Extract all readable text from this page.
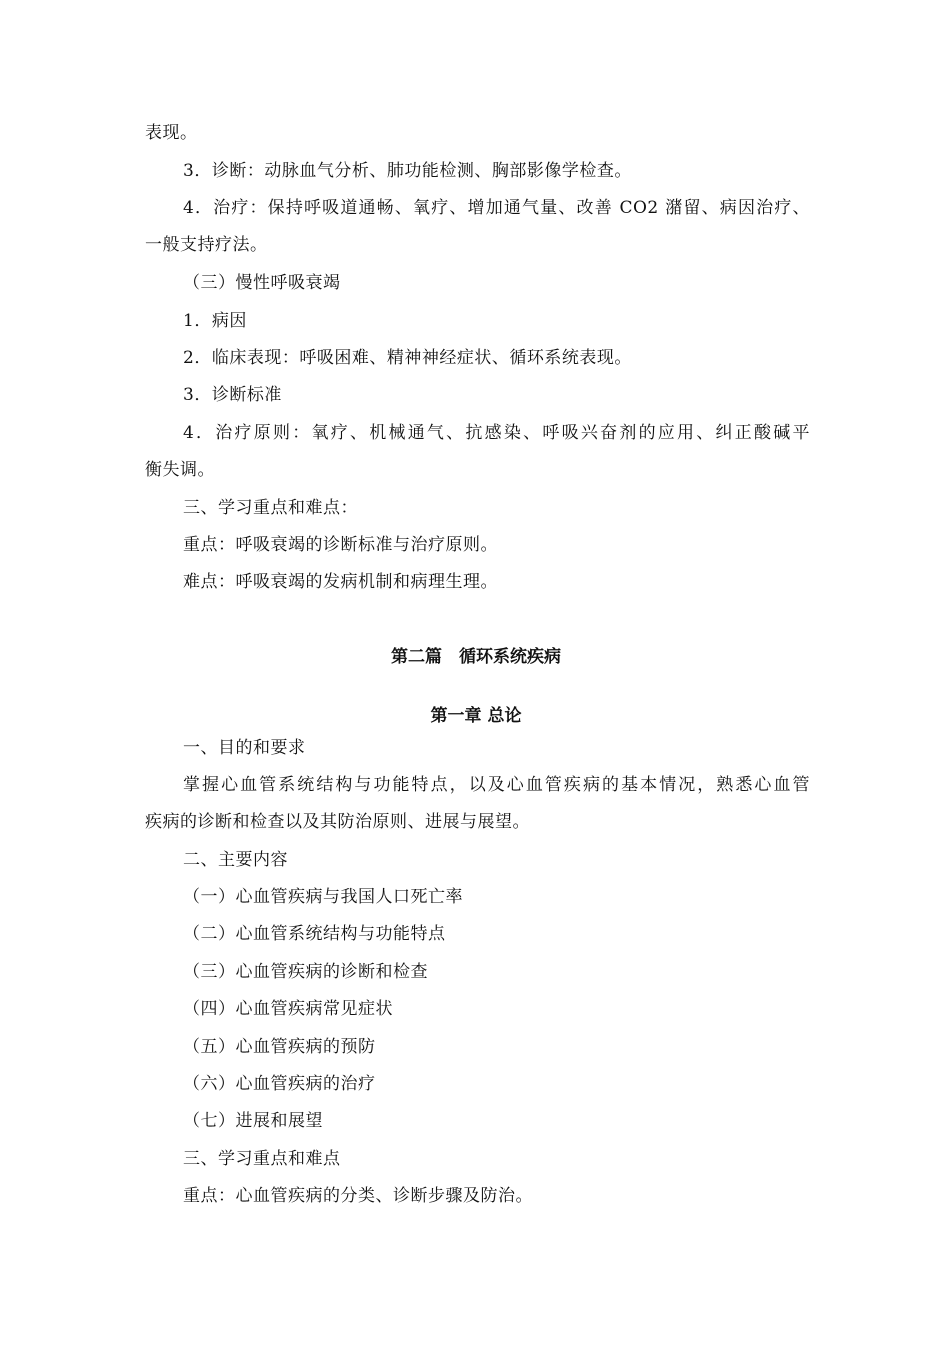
表现。
3．诊断：动脉血气分析、肺功能检测、胸部影像学检查。
4．治疗：保持呼吸道通畅、氧疗、增加通气量、改善 CO2 潴留、病因治疗、
一般支持疗法。
（三）慢性呼吸衰竭
1．病因
2．临床表现：呼吸困难、精神神经症状、循环系统表现。
3．诊断标准
4．治疗原则：氧疗、机械通气、抗感染、呼吸兴奋剂的应用、纠正酸碱平
衡失调。
三、学习重点和难点：
重点：呼吸衰竭的诊断标准与治疗原则。
难点：呼吸衰竭的发病机制和病理生理。
第二篇　循环系统疾病
第一章 总论
一、目的和要求
掌握心血管系统结构与功能特点，以及心血管疾病的基本情况，熟悉心血管
疾病的诊断和检查以及其防治原则、进展与展望。
二、主要内容
（一）心血管疾病与我国人口死亡率
（二）心血管系统结构与功能特点
（三）心血管疾病的诊断和检查
（四）心血管疾病常见症状
（五）心血管疾病的预防
（六）心血管疾病的治疗
（七）进展和展望
三、学习重点和难点
重点：心血管疾病的分类、诊断步骤及防治。
